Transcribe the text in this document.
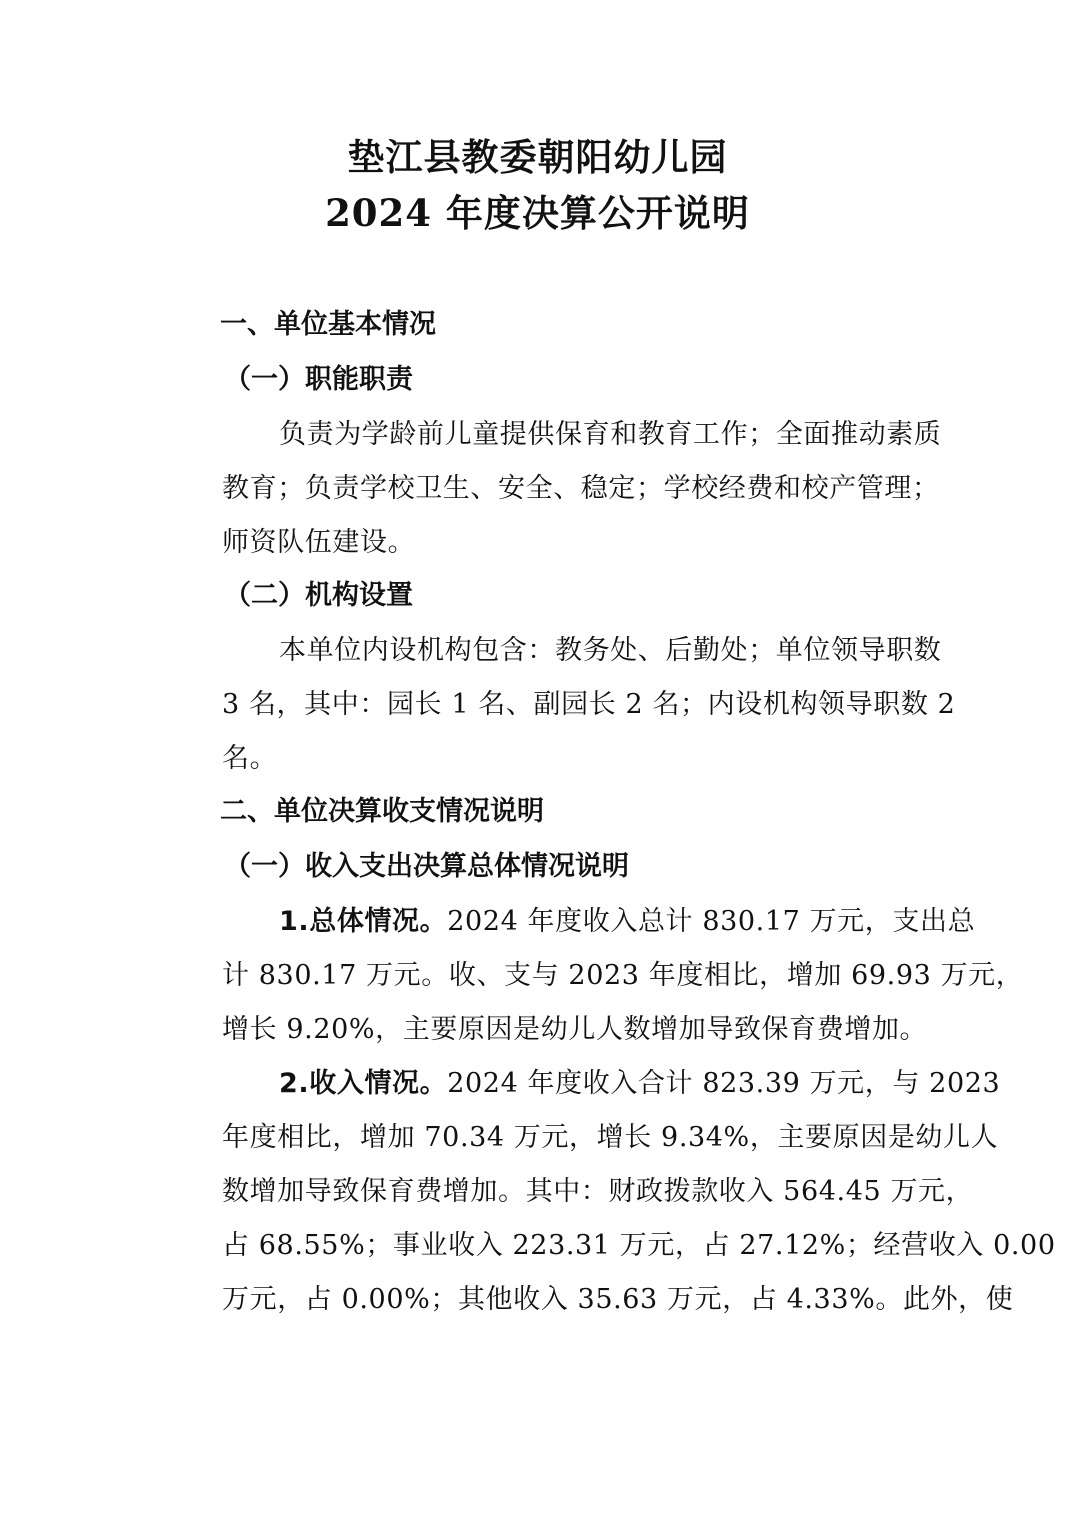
垫江县教委朝阳幼儿园
2024 年度决算公开说明
一、单位基本情况
（一）职能职责
负责为学龄前儿童提供保育和教育工作；全面推动素质
教育；负责学校卫生、安全、稳定；学校经费和校产管理；
师资队伍建设。
（二）机构设置
本单位内设机构包含：教务处、后勤处；单位领导职数
3 名，其中：园长 1 名、副园长 2 名；内设机构领导职数 2
名。
二、单位决算收支情况说明
（一）收入支出决算总体情况说明
1.总体情况。2024 年度收入总计 830.17 万元，支出总
计 830.17 万元。收、支与 2023 年度相比，增加 69.93 万元，
增长 9.20%，主要原因是幼儿人数增加导致保育费增加。
2.收入情况。2024 年度收入合计 823.39 万元，与 2023
年度相比，增加 70.34 万元，增长 9.34%，主要原因是幼儿人
数增加导致保育费增加。其中：财政拨款收入 564.45 万元，
占 68.55%；事业收入 223.31 万元，占 27.12%；经营收入 0.00
万元，占 0.00%；其他收入 35.63 万元，占 4.33%。此外，使
